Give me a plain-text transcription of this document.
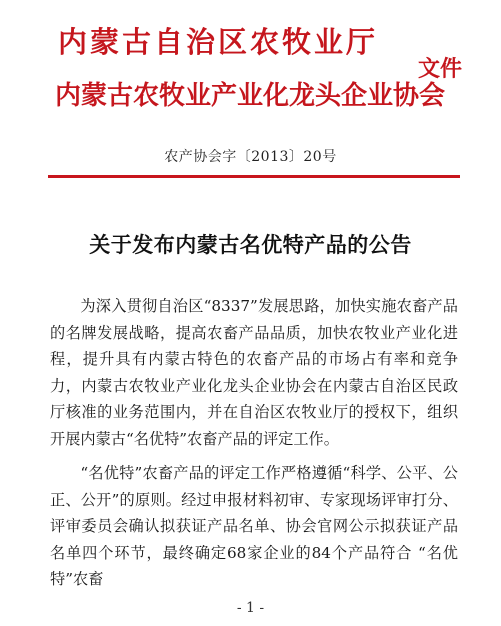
内蒙古自治区农牧业厅
内蒙古农牧业产业化龙头企业协会
文件
农产协会字〔2013〕20号
关于发布内蒙古名优特产品的公告

为深入贯彻自治区“8337”发展思路，加快实施农畜产品的名牌发展战略，提高农畜产品品质，加快农牧业产业化进程，提升具有内蒙古特色的农畜产品的市场占有率和竞争力，内蒙古农牧业产业化龙头企业协会在内蒙古自治区民政厅核准的业务范围内，并在自治区农牧业厅的授权下，组织开展内蒙古“名优特”农畜产品的评定工作。

“名优特”农畜产品的评定工作严格遵循“科学、公平、公正、公开”的原则。经过申报材料初审、专家现场评审打分、评审委员会确认拟获证产品名单、协会官网公示拟获证产品名单四个环节，最终确定68家企业的84个产品符合 “名优特”农畜

- 1 -
